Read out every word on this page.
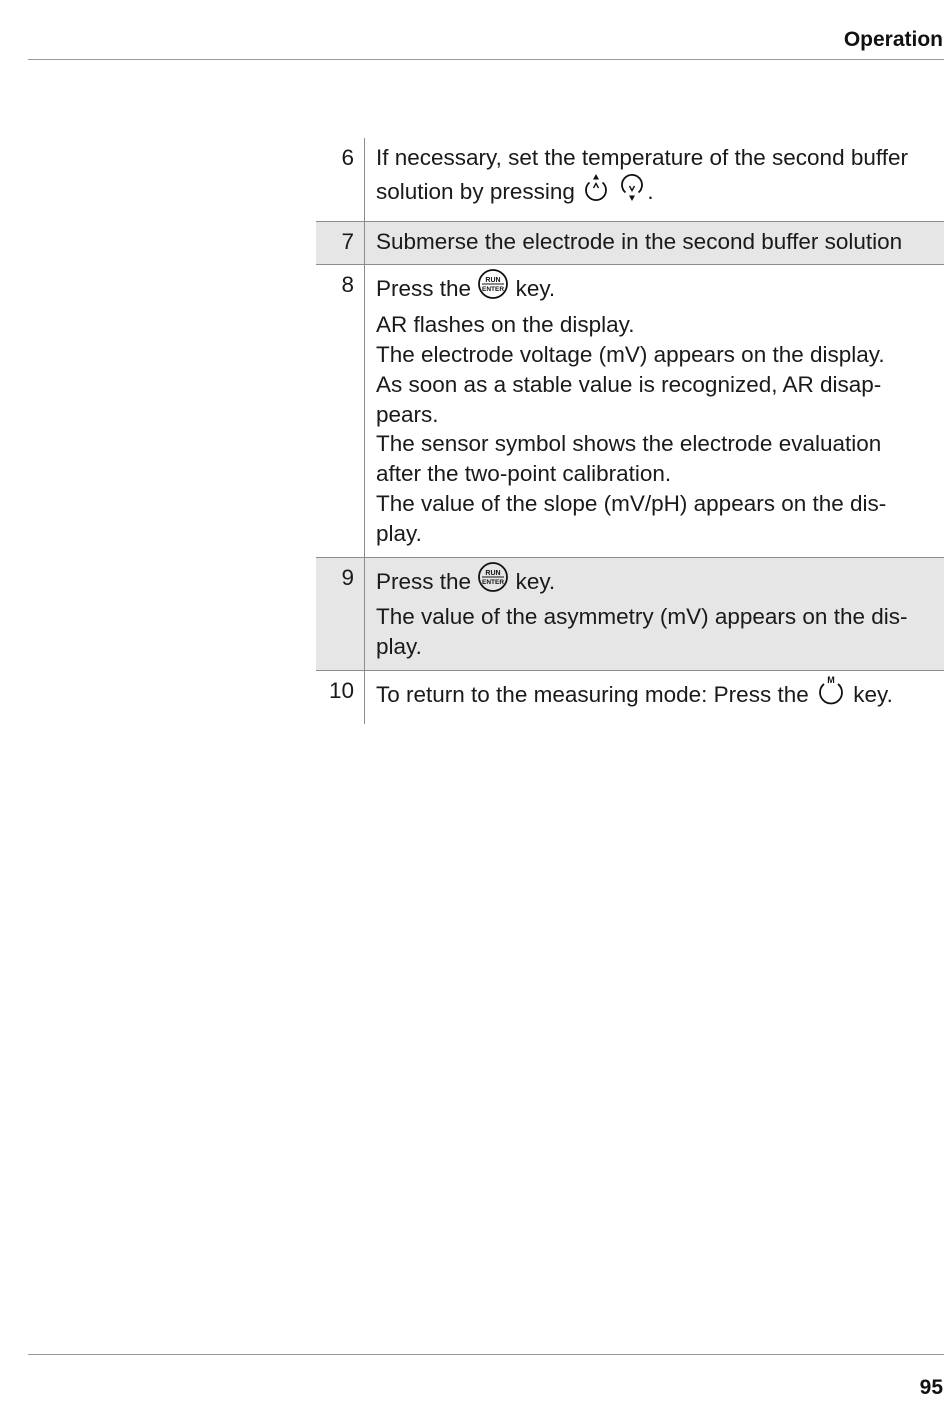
Operation
6 If necessary, set the temperature of the second buffer
solution by pressing	.
7 Submerse the electrode in the second buffer solution
8 Press the RUN
ENTER key.
AR flashes on the display.
The electrode voltage (mV) appears on the display.
As soon as a stable value is recognized, AR disap-
pears.
The sensor symbol shows the electrode evaluation
after the two-point calibration.
The value of the slope (mV/pH) appears on the dis-
play.
9 Press the RUN
ENTER key.
The value of the asymmetry (mV) appears on the dis-
play.
10 To return to the measuring mode: Press the
M
key.
95
